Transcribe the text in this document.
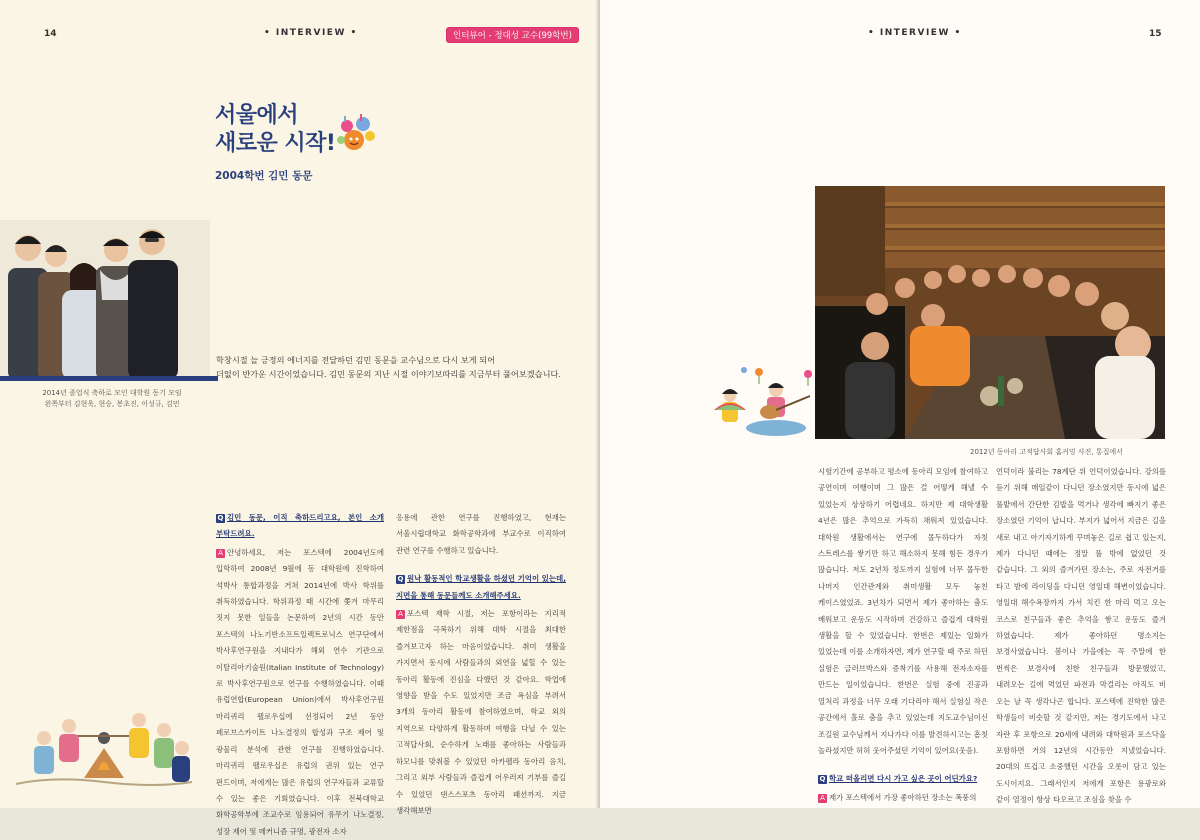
14	• INTERVIEW •	인터뷰어 - 정대성 교수(99학번)
서울에서
새로운 시작!
2004학번 김민 동문
2014년 졸업식 축하로 모인 대학원 동기 모임
왼쪽부터 김현욱, 현승, 봉초진, 이성규, 김민
학창시절 늘 긍정의 에너지를 전달하던 김민 동문을 교수님으로 다시 보게 되어
더없이 반가운 시간이었습니다. 김민 동문의 지난 시절 이야기보따리를 지금부터 풀어보겠습니다.
Q 김민 동문, 이직 축하드리고요, 본인 소개 부탁드려요.
A 안녕하세요, 저는 포스텍에 2004년도에 입학하여 2008년 9월에 동 대학원에 진학하여 석박사 통합과정을 거쳐 2014년에 박사 학위를 취득하였습니다. 학위과정 때 시간에 쫓겨 마무리 짓지 못한 일들을 논문하여 2년의 시간 동안 포스텍의 나노기반소프트일렉트로닉스 연구단에서 박사후연구원을 지내다가 해외 연수 기관으로 이탈리아기술원(Italian Institute of Technology)로 박사후연구원으로 연구를 수행하였습니다. 이때 유럽연합(European Union)에서 박사후연구원 마리퀴리 펠로우십에 선정되어 2년 동안 페로브스카이트 나노결정의 합성과 구조 제어 및 광물리 분석에 관한 연구를 진행하였습니다. 마리퀴리 펠로우십은 유럽의 권위 있는 연구 펀드이며, 저에게는 많은 유럽의 연구자들과 교류할 수 있는 좋은 기회였습니다. 이후 전북대학교 화학공학부에 조교수로 임용되어 유무기 나노결정, 성장 제어 및 메커니즘 규명, 광전자 소자
응용에 관한 연구를 진행하였고, 현재는 서울시립대학교 화학공학과에 부교수로 이직하여 관련 연구를 수행하고 있습니다.
Q 원낙 활동적인 학교생활을 하셨던 기억이 있는데, 지면을 통해 동문들께도 소개해주세요.
A 포스텍 재학 시절, 저는 포항이라는 지리적 제한점을 극복하기 위해 대학 시절을 최대한 즐겨보고자 하는 마음이었습니다. 취미 생활을 가지면서 동시에 사람들과의 외연을 넓힐 수 있는 동아리 활동에 진심을 다했던 것 같아요. 학업에 영향을 받을 수도 있었지만 조금 욕심을 부려서 3개의 동아리 활동에 참여하였으며, 학교 외의 지역으로 다양하게 활동하며 여행을 다닐 수 있는 고적답사회, 순수하게 노래를 좋아하는 사람들과 하모니를 맞춰볼 수 있었던 아카펠라 동아리 음치, 그리고 외부 사람들과 즐겁게 어우러져 기부를 즐길 수 있었던 댄스스포츠 동아리 패션까지. 지금 생각해보면
• INTERVIEW •	15
2012년 동아리 고적답사회 홈커밍 사진, 통집에서
시험기간에 공부하고 평소에 동아리 모임에 참여하고 공연이며 여행이며 그 많은 걸 어떻게 해낼 수 있었는지 상상하기 어렵네요. 하지만 제 대학생활 4년은 많은 추억으로 가득히 채워져 있었습니다. 대학원 생활에서는 연구에 몰두하다가 자칫 스트레스를 쌓기만 하고 해소하지 못해 힘든 경우가 많습니다. 저도 2년차 정도까지 실험에 너무 몰두한 나머지 인간관계와 취미생활 모두 놓친 케이스였었죠. 3년차가 되면서 제가 좋아하는 춤도 배워보고 운동도 시작하며 건강하고 즐겁게 대학원 생활을 할 수 있었습니다. 한번은 제있는 일화가 있었는데 이를 소개하자면, 제가 연구할 때 주로 하던 실험은 글러브박스와 증착기를 사용해 전자소자를 만드는 일이었습니다. 한번은 실험 중에 진공과 열처리 과정을 너무 오래 기다리야 해서 실험실 작은 공간에서 홀로 춤을 추고 있었는데 지도교수님이신 조길원 교수님께서 지나가다 이를 발견하시고는 흠칫 놀라셨지만 허허 웃어주셨던 기억이 있어요(웃음).
Q 학교 떠올리면 다시 가고 싶은 곳이 어딘가요?
A 제가 포스텍에서 가장 좋아하던 장소는 폭풍의
언덕이라 불리는 78계단 위 언덕이었습니다. 강의를 듣기 위해 매일같이 다니던 장소였지만 동시에 넓은 풀밭에서 간단한 김밥을 먹거나 생각에 빠지기 좋은 장소였던 기억이 납니다. 부지가 넓어서 지금은 길을 새로 내고 아기자기하게 꾸며놓은 길로 쉽고 있는지, 제가 다니던 때에는 정말 풀 밖에 없었던 것 같습니다. 그 외의 즐겨가던 장소는, 주로 자전거를 타고 밤에 라이딩을 다니던 영일대 해변이었습니다. 영일대 해수욕장까지 가서 치킨 한 마리 먹고 오는 코스로 친구들과 좋은 추억을 쌓고 운동도 즐겨 하였습니다. 제가 좋아하던 명소지는 보경사였습니다. 봄이나 가을에는 꼭 주말에 한 번씩은 보경사에 친한 친구들과 방문했었고, 내려오는 길에 먹었던 파전과 막걸리는 아직도 비 오는 날 꼭 생각나곤 합니다. 포스텍에 진학한 많은 학생들이 비슷할 것 같지만, 저는 경기도에서 나고 자란 후 포항으로 20세에 내려와 대학원과 포스닥을 포함하면 거의 12년의 시간동안 지냈었습니다. 20대의 뜨겁고 소중했던 시간을 오롯이 담고 있는 도시이지요. 그래서인지 저에게 포항은 용광로와 같이 열정이 항상 타오르고 조심을 찾을 수
